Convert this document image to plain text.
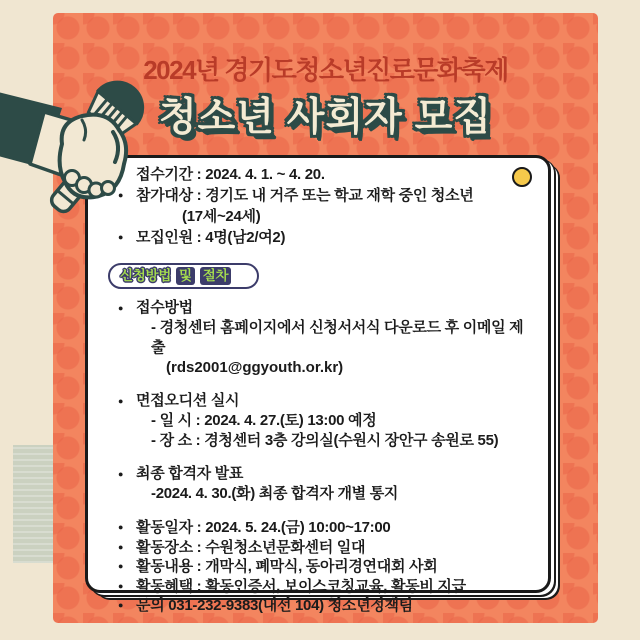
2024년 경기도청소년진로문화축제
청소년 사회자 모집
● 접수기간 : 2024. 4. 1. ~ 4. 20.
● 참가대상 : 경기도 내 거주 또는 학교 재학 중인 청소년
(17세~24세)
● 모집인원 : 4명(남2/여2)
신청방법 및 절차
● 접수방법
- 경청센터 홈페이지에서 신청서서식 다운로드 후 이메일 제출
(rds2001@ggyouth.or.kr)
● 면접오디션 실시
- 일 시 : 2024. 4. 27.(토) 13:00 예정
- 장 소 : 경청센터 3층 강의실(수원시 장안구 송원로 55)
● 최종 합격자 발표
-2024. 4. 30.(화) 최종 합격자 개별 통지
● 활동일자 : 2024. 5. 24.(금) 10:00~17:00
● 활동장소 : 수원청소년문화센터 일대
● 활동내용 : 개막식, 폐막식, 동아리경연대회 사회
● 활동혜택 : 활동인증서, 보이스코칭교육, 활동비 지급
● 문의 031-232-9383(내선 104) 청소년정책팀
